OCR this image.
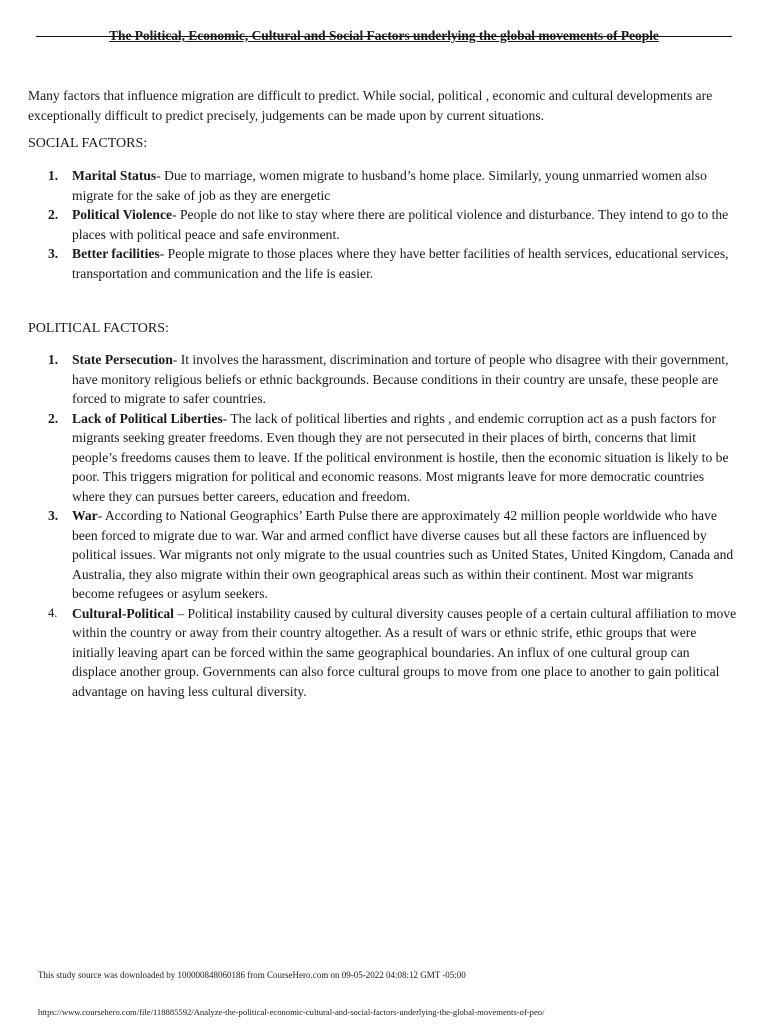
The Political, Economic, Cultural and Social Factors underlying the global movements of People

Many factors that influence migration are difficult to predict. While social, political , economic and cultural developments are exceptionally difficult to predict precisely, judgements can be made upon by current situations.

SOCIAL FACTORS:

1. Marital Status- Due to marriage, women migrate to husband’s home place. Similarly, young unmarried women also migrate for the sake of job as they are energetic
2. Political Violence- People do not like to stay where there are political violence and disturbance. They intend to go to the places with political peace and safe environment.
3. Better facilities- People migrate to those places where they have better facilities of health services, educational services, transportation and communication and the life is easier.

POLITICAL FACTORS:

1. State Persecution- It involves the harassment, discrimination and torture of people who disagree with their government, have monitory religious beliefs or ethnic backgrounds. Because conditions in their country are unsafe, these people are forced to migrate to safer countries.
2. Lack of Political Liberties- The lack of political liberties and rights , and endemic corruption act as a push factors for migrants seeking greater freedoms. Even though they are not persecuted in their places of birth, concerns that limit people’s freedoms causes them to leave. If the political environment is hostile, then the economic situation is likely to be poor. This triggers migration for political and economic reasons. Most migrants leave for more democratic countries where they can pursues better careers, education and freedom.
3. War- According to National Geographics’ Earth Pulse there are approximately 42 million people worldwide who have been forced to migrate due to war. War and armed conflict have diverse causes but all these factors are influenced by political issues. War migrants not only migrate to the usual countries such as United States, United Kingdom, Canada and Australia, they also migrate within their own geographical areas such as within their continent. Most war migrants become refugees or asylum seekers.
4. Cultural-Political – Political instability caused by cultural diversity causes people of a certain cultural affiliation to move within the country or away from their country altogether. As a result of wars or ethnic strife, ethic groups that were initially leaving apart can be forced within the same geographical boundaries. An influx of one cultural group can displace another group. Governments can also force cultural groups to move from one place to another to gain political advantage on having less cultural diversity.
This study source was downloaded by 100000848060186 from CourseHero.com on 09-05-2022 04:08:12 GMT -05:00
https://www.coursehero.com/file/118885592/Analyze-the-political-economic-cultural-and-social-factors-underlying-the-global-movements-of-peo/
